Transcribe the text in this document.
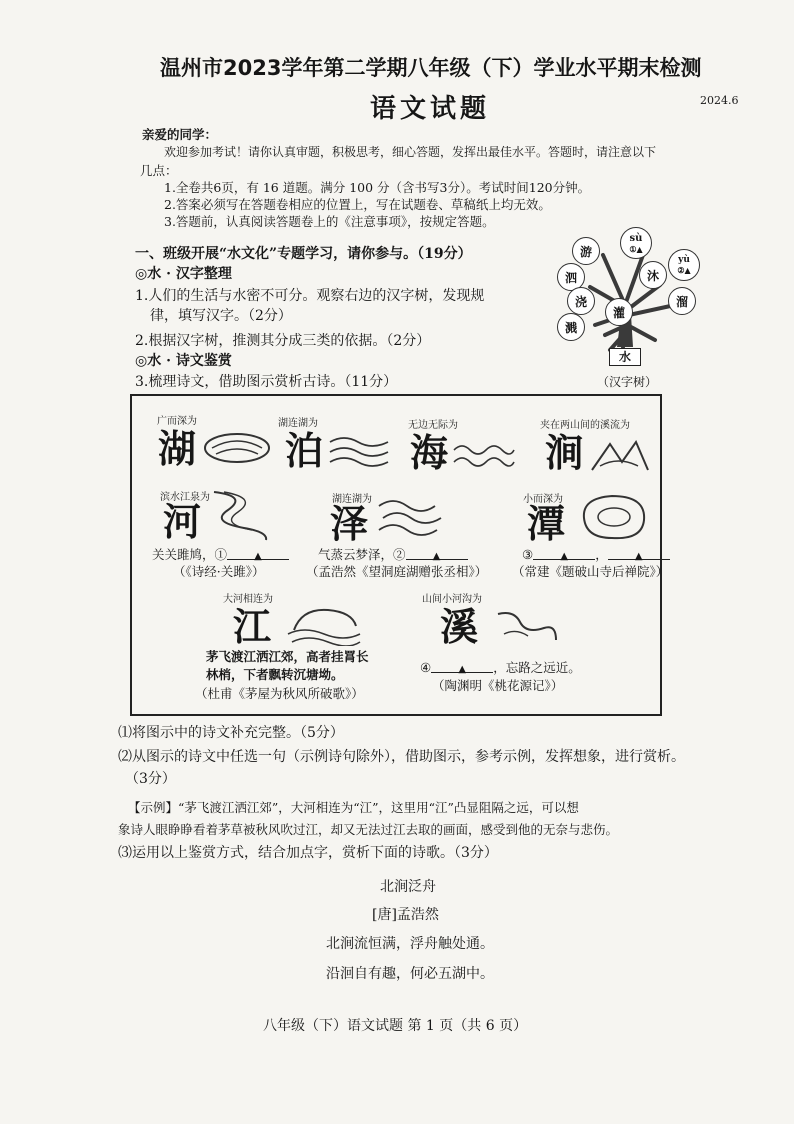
温州市2023学年第二学期八年级（下）学业水平期末检测
语文试题	2024.6
亲爱的同学：
欢迎参加考试！请你认真审题，积极思考，细心答题，发挥出最佳水平。答题时，请注意以下
几点：
1.全卷共6页，有 16 道题。满分 100 分（含书写3分）。考试时间120分钟。
2.答案必须写在答题卷相应的位置上，写在试题卷、草稿纸上均无效。
3.答题前，认真阅读答题卷上的《注意事项》，按规定答题。
一、班级开展“水文化”专题学习，请你参与。（19分）
◎水 · 汉字整理
1.人们的生活与水密不可分。观察右边的汉字树，发现规
律，填写汉字。（2分）
2.根据汉字树，推测其分成三类的依据。（2分）
◎水 · 诗文鉴赏
3.梳理诗文，借助图示赏析古诗。（11分）
游
sù
①▲
yù
②▲
泗	沐
溜
浇
灌
溅
水
（汉字树）
广而深为
湖
湖连湖为
泊
无边无际为
海
夹在两山间的溪流为
涧
滨水江泉为
河
湖连湖为
泽
小而深为
潭
关关雎鸠，①	▲
（《诗经·关雎》）
气蒸云梦泽，②	▲
（孟浩然《望洞庭湖赠张丞相》）
③	▲ ，	▲
（常建《题破山寺后禅院》）
大河相连为
江
山间小河沟为
溪
茅飞渡江洒江郊，高者挂罥长
林梢，下者飘转沉塘坳。
（杜甫《茅屋为秋风所破歌》）
④	▲ ，忘路之远近。
（陶渊明《桃花源记》）
⑴将图示中的诗文补充完整。（5分）
⑵从图示的诗文中任选一句（示例诗句除外），借助图示，参考示例，发挥想象，进行赏析。
（3分）
【示例】“茅飞渡江洒江郊”，大河相连为“江”，这里用“江”凸显阻隔之远，可以想
象诗人眼睁睁看着茅草被秋风吹过江，却又无法过江去取的画面，感受到他的无奈与悲伤。
⑶运用以上鉴赏方式，结合加点字，赏析下面的诗歌。（3分）
北涧泛舟
[唐]孟浩然
北涧流恒满，浮舟触处通。
沿洄自有趣，何必五湖中。
八年级（下）语文试题 第 1 页（共 6 页）
